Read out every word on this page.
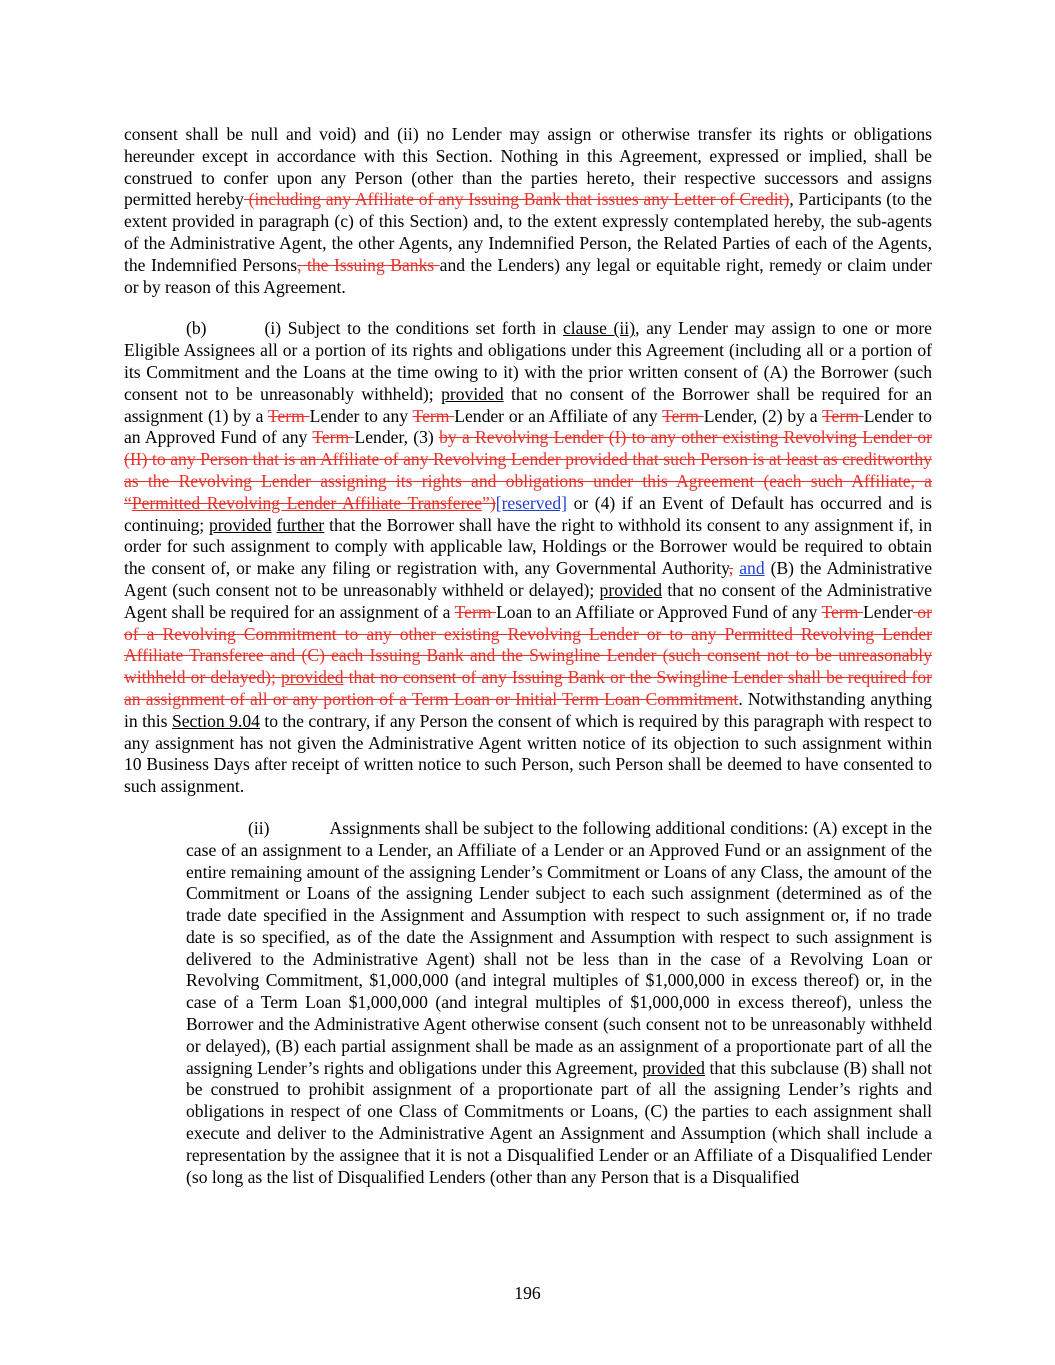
consent shall be null and void) and (ii) no Lender may assign or otherwise transfer its rights or obligations hereunder except in accordance with this Section. Nothing in this Agreement, expressed or implied, shall be construed to confer upon any Person (other than the parties hereto, their respective successors and assigns permitted hereby (including any Affiliate of any Issuing Bank that issues any Letter of Credit), Participants (to the extent provided in paragraph (c) of this Section) and, to the extent expressly contemplated hereby, the sub-agents of the Administrative Agent, the other Agents, any Indemnified Person, the Related Parties of each of the Agents, the Indemnified Persons, the Issuing Banks and the Lenders) any legal or equitable right, remedy or claim under or by reason of this Agreement.

(b)	(i) Subject to the conditions set forth in clause (ii), any Lender may assign to one or more Eligible Assignees all or a portion of its rights and obligations under this Agreement (including all or a portion of its Commitment and the Loans at the time owing to it) with the prior written consent of (A) the Borrower (such consent not to be unreasonably withheld); provided that no consent of the Borrower shall be required for an assignment (1) by a Term Lender to any Term Lender or an Affiliate of any Term Lender, (2) by a Term Lender to an Approved Fund of any Term Lender, (3) by a Revolving Lender (I) to any other existing Revolving Lender or (II) to any Person that is an Affiliate of any Revolving Lender provided that such Person is at least as creditworthy as the Revolving Lender assigning its rights and obligations under this Agreement (each such Affiliate, a “Permitted Revolving Lender Affiliate Transferee”)[reserved] or (4) if an Event of Default has occurred and is continuing; provided further that the Borrower shall have the right to withhold its consent to any assignment if, in order for such assignment to comply with applicable law, Holdings or the Borrower would be required to obtain the consent of, or make any filing or registration with, any Governmental Authority, and (B) the Administrative Agent (such consent not to be unreasonably withheld or delayed); provided that no consent of the Administrative Agent shall be required for an assignment of a Term Loan to an Affiliate or Approved Fund of any Term Lender or of a Revolving Commitment to any other existing Revolving Lender or to any Permitted Revolving Lender Affiliate Transferee and (C) each Issuing Bank and the Swingline Lender (such consent not to be unreasonably withheld or delayed); provided that no consent of any Issuing Bank or the Swingline Lender shall be required for an assignment of all or any portion of a Term Loan or Initial Term Loan Commitment. Notwithstanding anything in this Section 9.04 to the contrary, if any Person the consent of which is required by this paragraph with respect to any assignment has not given the Administrative Agent written notice of its objection to such assignment within 10 Business Days after receipt of written notice to such Person, such Person shall be deemed to have consented to such assignment.

(ii)	Assignments shall be subject to the following additional conditions: (A) except in the case of an assignment to a Lender, an Affiliate of a Lender or an Approved Fund or an assignment of the entire remaining amount of the assigning Lender’s Commitment or Loans of any Class, the amount of the Commitment or Loans of the assigning Lender subject to each such assignment (determined as of the trade date specified in the Assignment and Assumption with respect to such assignment or, if no trade date is so specified, as of the date the Assignment and Assumption with respect to such assignment is delivered to the Administrative Agent) shall not be less than in the case of a Revolving Loan or Revolving Commitment, $1,000,000 (and integral multiples of $1,000,000 in excess thereof) or, in the case of a Term Loan $1,000,000 (and integral multiples of $1,000,000 in excess thereof), unless the Borrower and the Administrative Agent otherwise consent (such consent not to be unreasonably withheld or delayed), (B) each partial assignment shall be made as an assignment of a proportionate part of all the assigning Lender’s rights and obligations under this Agreement, provided that this subclause (B) shall not be construed to prohibit assignment of a proportionate part of all the assigning Lender’s rights and obligations in respect of one Class of Commitments or Loans, (C) the parties to each assignment shall execute and deliver to the Administrative Agent an Assignment and Assumption (which shall include a representation by the assignee that it is not a Disqualified Lender or an Affiliate of a Disqualified Lender (so long as the list of Disqualified Lenders (other than any Person that is a Disqualified

196
